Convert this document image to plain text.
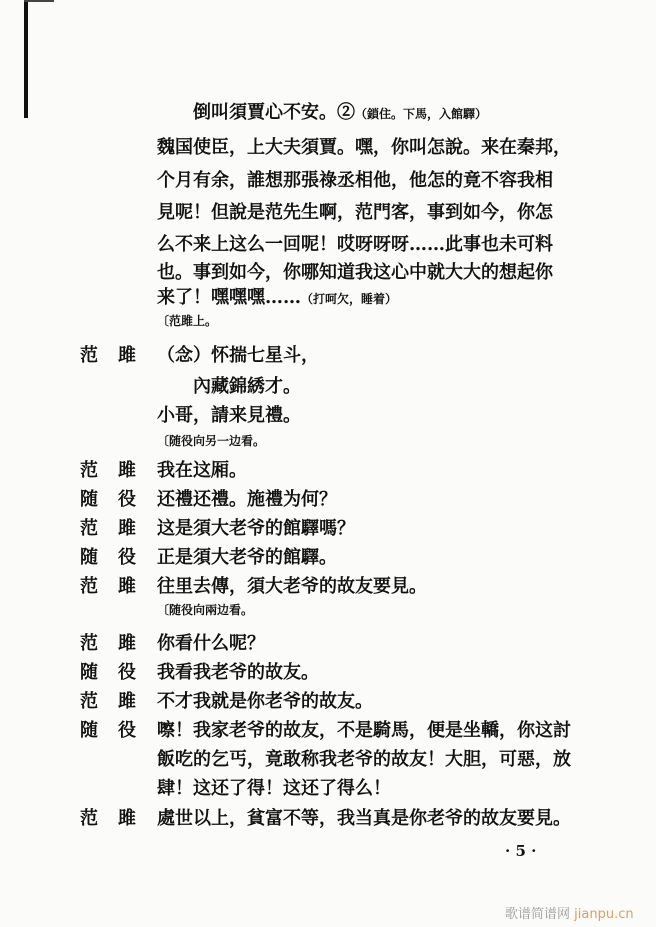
倒叫須賈心不安。②（鎖住。下馬，入館驛）
魏国使臣，上大夫須賈。嘿，你叫怎說。来在秦邦，
个月有余，誰想那張祿丞相他，他怎的竟不容我相
見呢！但說是范先生啊，范門客，事到如今，你怎
么不来上这么一回呢！哎呀呀呀……此事也未可料
也。事到如今，你哪知道我这心中就大大的想起你
来了！嘿嘿嘿……（打呵欠，睡着）
〔范雎上。
范 雎 （念）怀揣七星斗，
　　內藏錦綉才。
小哥，請来見禮。
〔随役向另一边看。
范 雎 我在这厢。
随 役 还禮还禮。施禮为何？
范 雎 这是須大老爷的館驛嗎？
随 役 正是須大老爷的館驛。
范 雎 往里去傳，須大老爷的故友要見。
〔随役向兩边看。
范 雎 你看什么呢？
随 役 我看我老爷的故友。
范 雎 不才我就是你老爷的故友。
随 役 嚓！我家老爷的故友，不是騎馬，便是坐轎，你这討
飯吃的乞丐，竟敢称我老爷的故友！大胆，可惡，放
肆！这还了得！这还了得么！
范 雎 處世以上，貧富不等，我当真是你老爷的故友要見。
· 5 ·
歌谱简谱网 jianpu.cn
